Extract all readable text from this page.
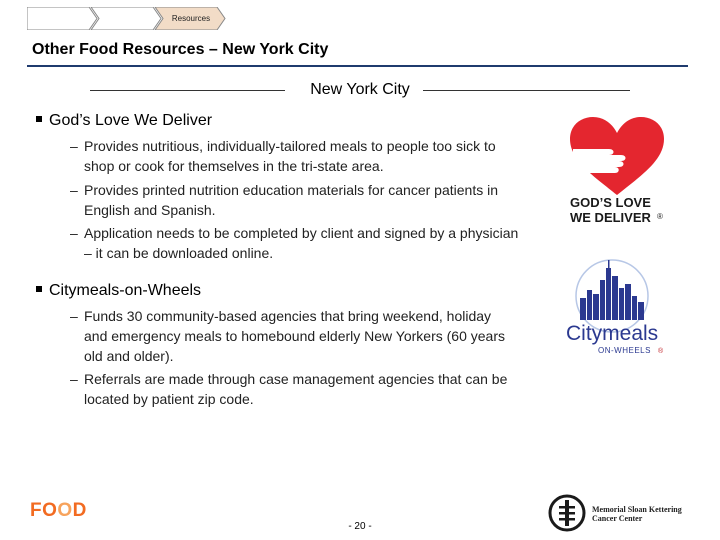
Resources
Other Food Resources – New York City
New York City
God’s Love We Deliver
– Provides nutritious, individually-tailored meals to people too sick to shop or cook for themselves in the tri-state area.
– Provides printed nutrition education materials for cancer patients in English and Spanish.
– Application needs to be completed by client and signed by a physician – it can be downloaded online.
Citymeals-on-Wheels
– Funds 30 community-based agencies that bring weekend, holiday and emergency meals to homebound elderly New Yorkers (60 years old and older).
– Referrals are made through case management agencies that can be located by patient zip code.
GOD’S LOVE
WE DELIVER ®
Citymeals
ON-WHEELS ®
FOOD
- 20 -
Memorial Sloan Kettering
Cancer Center
